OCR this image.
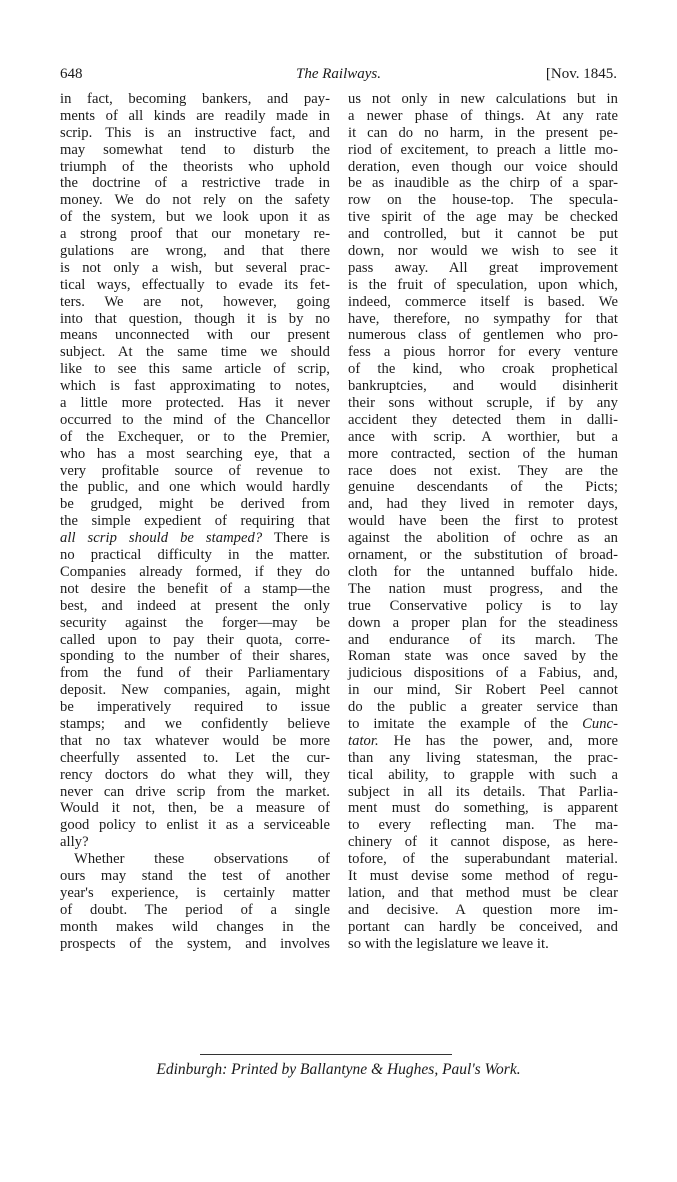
648	The Railways.	[Nov. 1845.
in fact, becoming bankers, and pay-
ments of all kinds are readily made in
scrip. This is an instructive fact, and
may somewhat tend to disturb the
triumph of the theorists who uphold
the doctrine of a restrictive trade in
money. We do not rely on the safety
of the system, but we look upon it as
a strong proof that our monetary re-
gulations are wrong, and that there
is not only a wish, but several prac-
tical ways, effectually to evade its fet-
ters. We are not, however, going
into that question, though it is by no
means unconnected with our present
subject. At the same time we should
like to see this same article of scrip,
which is fast approximating to notes,
a little more protected. Has it never
occurred to the mind of the Chancellor
of the Exchequer, or to the Premier,
who has a most searching eye, that a
very profitable source of revenue to
the public, and one which would hardly
be grudged, might be derived from
the simple expedient of requiring that
all scrip should be stamped? There is
no practical difficulty in the matter.
Companies already formed, if they do
not desire the benefit of a stamp—the
best, and indeed at present the only
security against the forger—may be
called upon to pay their quota, corre-
sponding to the number of their shares,
from the fund of their Parliamentary
deposit. New companies, again, might
be imperatively required to issue
stamps; and we confidently believe
that no tax whatever would be more
cheerfully assented to. Let the cur-
rency doctors do what they will, they
never can drive scrip from the market.
Would it not, then, be a measure of
good policy to enlist it as a serviceable
ally?
Whether these observations of
ours may stand the test of another
year's experience, is certainly matter
of doubt. The period of a single
month makes wild changes in the
prospects of the system, and involves
us not only in new calculations but in
a newer phase of things. At any rate
it can do no harm, in the present pe-
riod of excitement, to preach a little mo-
deration, even though our voice should
be as inaudible as the chirp of a spar-
row on the house-top. The specula-
tive spirit of the age may be checked
and controlled, but it cannot be put
down, nor would we wish to see it
pass away. All great improvement
is the fruit of speculation, upon which,
indeed, commerce itself is based. We
have, therefore, no sympathy for that
numerous class of gentlemen who pro-
fess a pious horror for every venture
of the kind, who croak prophetical
bankruptcies, and would disinherit
their sons without scruple, if by any
accident they detected them in dalli-
ance with scrip. A worthier, but a
more contracted, section of the human
race does not exist. They are the
genuine descendants of the Picts;
and, had they lived in remoter days,
would have been the first to protest
against the abolition of ochre as an
ornament, or the substitution of broad-
cloth for the untanned buffalo hide.
The nation must progress, and the
true Conservative policy is to lay
down a proper plan for the steadiness
and endurance of its march. The
Roman state was once saved by the
judicious dispositions of a Fabius, and,
in our mind, Sir Robert Peel cannot
do the public a greater service than
to imitate the example of the Cunc-
tator. He has the power, and, more
than any living statesman, the prac-
tical ability, to grapple with such a
subject in all its details. That Parlia-
ment must do something, is apparent
to every reflecting man. The ma-
chinery of it cannot dispose, as here-
tofore, of the superabundant material.
It must devise some method of regu-
lation, and that method must be clear
and decisive. A question more im-
portant can hardly be conceived, and
so with the legislature we leave it.
Edinburgh: Printed by Ballantyne & Hughes, Paul's Work.
